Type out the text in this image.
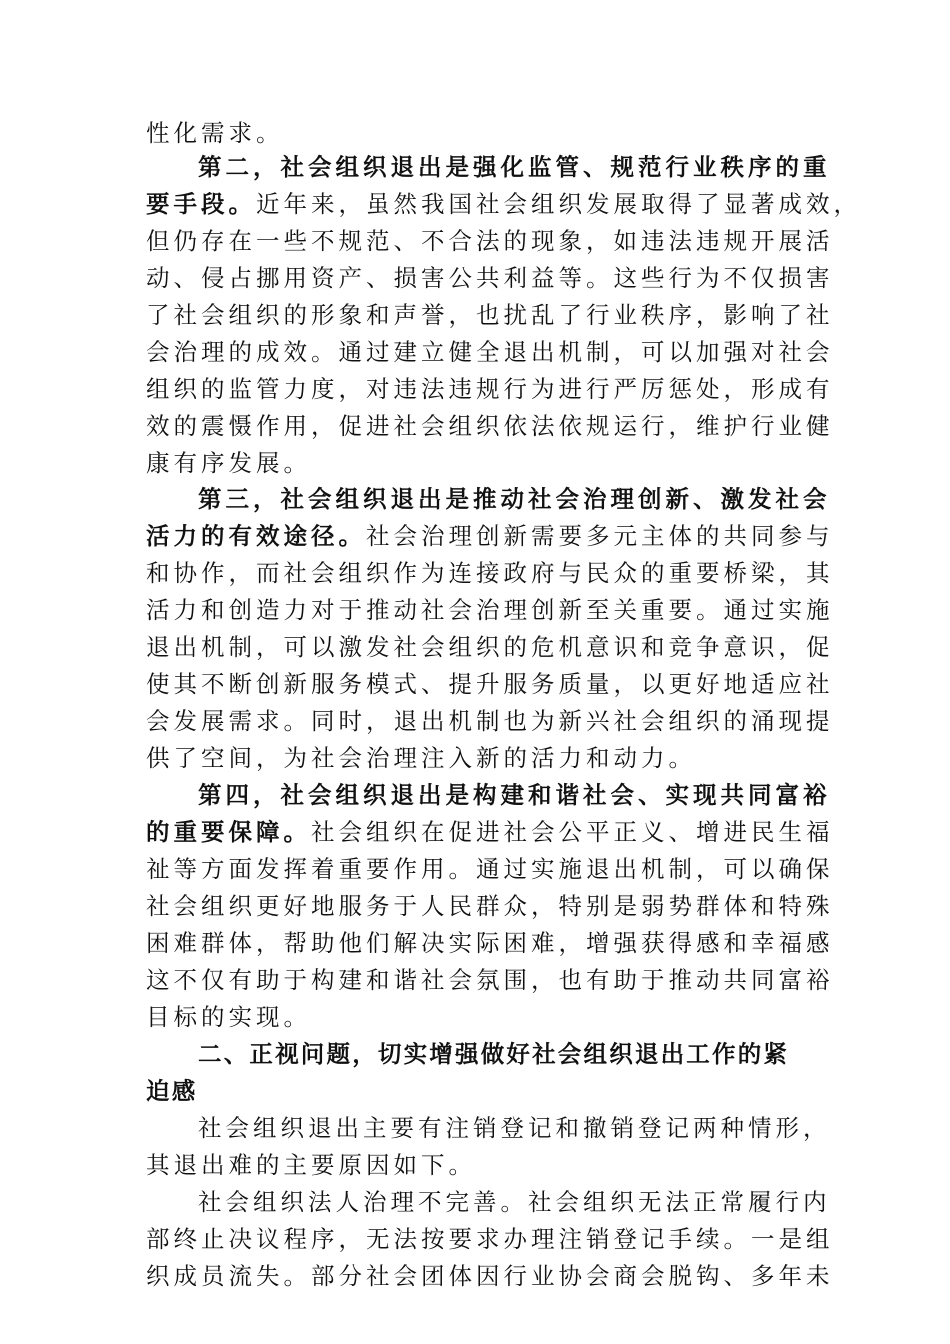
性化需求。
第二，社会组织退出是强化监管、规范行业秩序的重
要手段。近年来，虽然我国社会组织发展取得了显著成效，
但仍存在一些不规范、不合法的现象，如违法违规开展活
动、侵占挪用资产、损害公共利益等。这些行为不仅损害
了社会组织的形象和声誉，也扰乱了行业秩序，影响了社
会治理的成效。通过建立健全退出机制，可以加强对社会
组织的监管力度，对违法违规行为进行严厉惩处，形成有
效的震慑作用，促进社会组织依法依规运行，维护行业健
康有序发展。
第三，社会组织退出是推动社会治理创新、激发社会
活力的有效途径。社会治理创新需要多元主体的共同参与
和协作，而社会组织作为连接政府与民众的重要桥梁，其
活力和创造力对于推动社会治理创新至关重要。通过实施
退出机制，可以激发社会组织的危机意识和竞争意识，促
使其不断创新服务模式、提升服务质量，以更好地适应社
会发展需求。同时，退出机制也为新兴社会组织的涌现提
供了空间，为社会治理注入新的活力和动力。
第四，社会组织退出是构建和谐社会、实现共同富裕
的重要保障。社会组织在促进社会公平正义、增进民生福
祉等方面发挥着重要作用。通过实施退出机制，可以确保
社会组织更好地服务于人民群众，特别是弱势群体和特殊
困难群体，帮助他们解决实际困难，增强获得感和幸福感
这不仅有助于构建和谐社会氛围，也有助于推动共同富裕
目标的实现。
二、正视问题，切实增强做好社会组织退出工作的紧
迫感
社会组织退出主要有注销登记和撤销登记两种情形，
其退出难的主要原因如下。
社会组织法人治理不完善。社会组织无法正常履行内
部终止决议程序，无法按要求办理注销登记手续。一是组
织成员流失。部分社会团体因行业协会商会脱钩、多年未
